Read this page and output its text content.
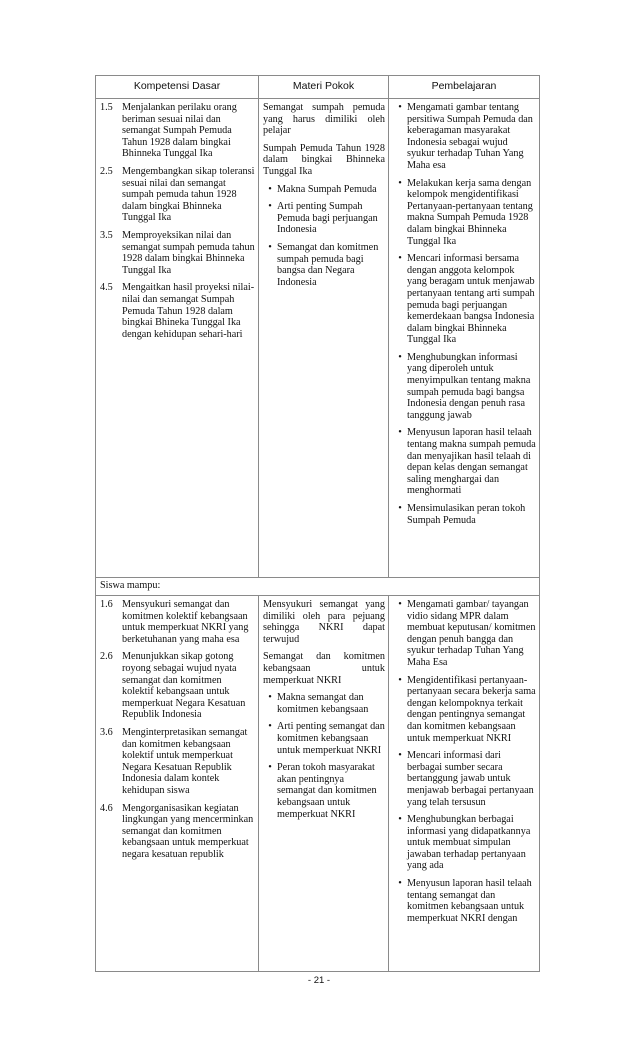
Kompetensi Dasar	Materi Pokok	Pembelajaran
1.5 Menjalankan perilaku orang beriman sesuai nilai dan semangat Sumpah Pemuda Tahun 1928 dalam bingkai Bhinneka Tunggal Ika
2.5 Mengembangkan sikap toleransi sesuai nilai dan semangat sumpah pemuda tahun 1928 dalam bingkai Bhinneka Tunggal Ika
3.5 Memproyeksikan nilai dan semangat sumpah pemuda tahun 1928 dalam bingkai Bhinneka Tunggal Ika
4.5 Mengaitkan hasil proyeksi nilai-nilai dan semangat Sumpah Pemuda Tahun 1928 dalam bingkai Bhineka Tunggal Ika dengan kehidupan sehari-hari

Semangat sumpah pemuda yang harus dimiliki oleh pelajar

Sumpah Pemuda Tahun 1928 dalam bingkai Bhinneka Tunggal Ika

• Makna Sumpah Pemuda
• Arti penting Sumpah Pemuda bagi perjuangan Indonesia
• Semangat dan komitmen sumpah pemuda bagi bangsa dan Negara Indonesia
• Mengamati gambar tentang persitiwa Sumpah Pemuda dan keberagaman masyarakat Indonesia sebagai wujud syukur terhadap Tuhan Yang Maha esa
• Melakukan kerja sama dengan kelompok mengidentifikasi Pertanyaan-pertanyaan tentang makna Sumpah Pemuda 1928 dalam bingkai Bhinneka Tunggal Ika
• Mencari informasi bersama dengan anggota kelompok yang beragam untuk menjawab pertanyaan tentang arti sumpah pemuda bagi perjuangan kemerdekaan bangsa Indonesia dalam bingkai Bhinneka Tunggal Ika
• Menghubungkan informasi yang diperoleh untuk menyimpulkan tentang makna sumpah pemuda bagi bangsa Indonesia dengan penuh rasa tanggung jawab
• Menyusun laporan hasil telaah tentang makna sumpah pemuda dan menyajikan hasil telaah di depan kelas dengan semangat saling menghargai dan menghormati
• Mensimulasikan peran tokoh Sumpah Pemuda
Siswa mampu:
1.6 Mensyukuri semangat dan komitmen kolektif kebangsaan untuk memperkuat NKRI yang berketuhanan yang maha esa
2.6 Menunjukkan sikap gotong royong sebagai wujud nyata semangat dan komitmen kolektif kebangsaan untuk memperkuat Negara Kesatuan Republik Indonesia
3.6 Menginterpretasikan semangat dan komitmen kebangsaan kolektif untuk memperkuat Negara Kesatuan Republik Indonesia dalam kontek kehidupan siswa
4.6 Mengorganisasikan kegiatan lingkungan yang mencerminkan semangat dan komitmen kebangsaan untuk memperkuat negara kesatuan republik

Mensyukuri semangat yang dimiliki oleh para pejuang sehingga NKRI dapat terwujud

Semangat dan komitmen kebangsaan untuk memperkuat NKRI

• Makna semangat dan komitmen kebangsaan
• Arti penting semangat dan komitmen kebangsaan untuk memperkuat NKRI
• Peran tokoh masyarakat akan pentingnya semangat dan komitmen kebangsaan untuk memperkuat NKRI
• Mengamati gambar/ tayangan vidio sidang MPR dalam membuat keputusan/ komitmen dengan penuh bangga dan syukur terhadap Tuhan Yang Maha Esa
• Mengidentifikasi pertanyaan-pertanyaan secara bekerja sama dengan kelompoknya terkait dengan pentingnya semangat dan komitmen kebangsaan untuk memperkuat NKRI
• Mencari informasi dari berbagai sumber secara bertanggung jawab untuk menjawab berbagai pertanyaan yang telah tersusun
• Menghubungkan berbagai informasi yang didapatkannya untuk membuat simpulan jawaban terhadap pertanyaan yang ada
• Menyusun laporan hasil telaah tentang semangat dan komitmen kebangsaan untuk memperkuat NKRI dengan
- 21 -
